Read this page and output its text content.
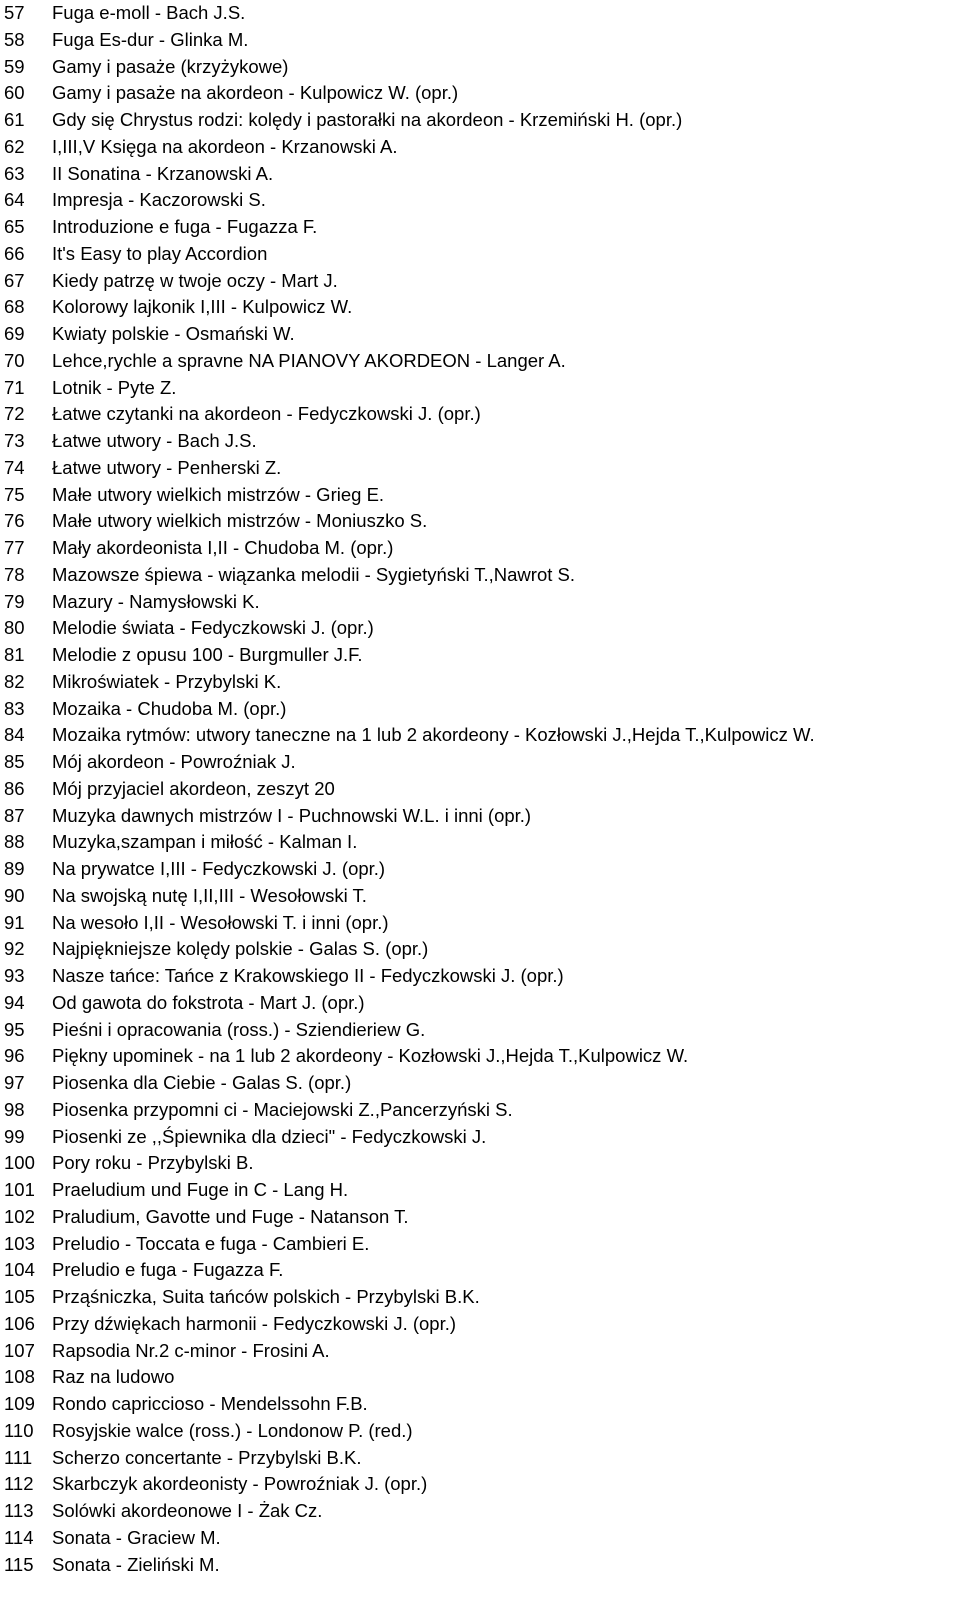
57	Fuga e-moll - Bach J.S.
58	Fuga Es-dur - Glinka M.
59	Gamy i pasaże (krzyżykowe)
60	Gamy i pasaże na akordeon - Kulpowicz W. (opr.)
61	Gdy się Chrystus rodzi: kolędy i pastorałki na akordeon - Krzemiński H. (opr.)
62	I,III,V Księga na akordeon - Krzanowski A.
63	II Sonatina - Krzanowski A.
64	Impresja - Kaczorowski S.
65	Introduzione e fuga - Fugazza F.
66	It's Easy to play Accordion
67	Kiedy patrzę w twoje oczy - Mart J.
68	Kolorowy lajkonik I,III - Kulpowicz W.
69	Kwiaty polskie - Osmański W.
70	Lehce,rychle a spravne NA PIANOVY AKORDEON - Langer A.
71	Lotnik - Pyte Z.
72	Łatwe czytanki na akordeon - Fedyczkowski J. (opr.)
73	Łatwe utwory - Bach J.S.
74	Łatwe utwory - Penherski Z.
75	Małe utwory wielkich mistrzów - Grieg E.
76	Małe utwory wielkich mistrzów - Moniuszko S.
77	Mały akordeonista I,II - Chudoba M. (opr.)
78	Mazowsze śpiewa - wiązanka melodii - Sygietyński T.,Nawrot S.
79	Mazury - Namysłowski K.
80	Melodie świata - Fedyczkowski J. (opr.)
81	Melodie z opusu 100 - Burgmuller J.F.
82	Mikroświatek - Przybylski K.
83	Mozaika - Chudoba M. (opr.)
84	Mozaika rytmów: utwory taneczne na 1 lub 2 akordeony - Kozłowski J.,Hejda T.,Kulpowicz W.
85	Mój akordeon - Powroźniak J.
86	Mój przyjaciel akordeon, zeszyt 20
87	Muzyka dawnych mistrzów I - Puchnowski W.L. i inni (opr.)
88	Muzyka,szampan i miłość - Kalman I.
89	Na prywatce I,III - Fedyczkowski J. (opr.)
90	Na swojską nutę I,II,III - Wesołowski T.
91	Na wesoło I,II - Wesołowski T. i inni (opr.)
92	Najpiękniejsze kolędy polskie - Galas S. (opr.)
93	Nasze tańce: Tańce z Krakowskiego II - Fedyczkowski J. (opr.)
94	Od gawota do fokstrota - Mart J. (opr.)
95	Pieśni i opracowania (ross.) - Sziendieriew G.
96	Piękny upominek - na 1 lub 2 akordeony - Kozłowski J.,Hejda T.,Kulpowicz W.
97	Piosenka dla Ciebie - Galas S. (opr.)
98	Piosenka przypomni ci - Maciejowski Z.,Pancerzyński S.
99	Piosenki ze ,,Śpiewnika dla dzieci" - Fedyczkowski J.
100 Pory roku - Przybylski B.
101 Praeludium und Fuge in C - Lang H.
102 Praludium, Gavotte und Fuge - Natanson T.
103 Preludio - Toccata e fuga - Cambieri E.
104 Preludio e fuga - Fugazza F.
105 Prząśniczka, Suita tańców polskich - Przybylski B.K.
106 Przy dźwiękach harmonii - Fedyczkowski J. (opr.)
107 Rapsodia Nr.2 c-minor - Frosini A.
108 Raz na ludowo
109 Rondo capriccioso - Mendelssohn F.B.
110	Rosyjskie walce (ross.) - Londonow P. (red.)
111	Scherzo concertante - Przybylski B.K.
112	Skarbczyk akordeonisty - Powroźniak J. (opr.)
113	Solówki akordeonowe I - Żak Cz.
114	Sonata - Graciew M.
115	Sonata - Zieliński M.
